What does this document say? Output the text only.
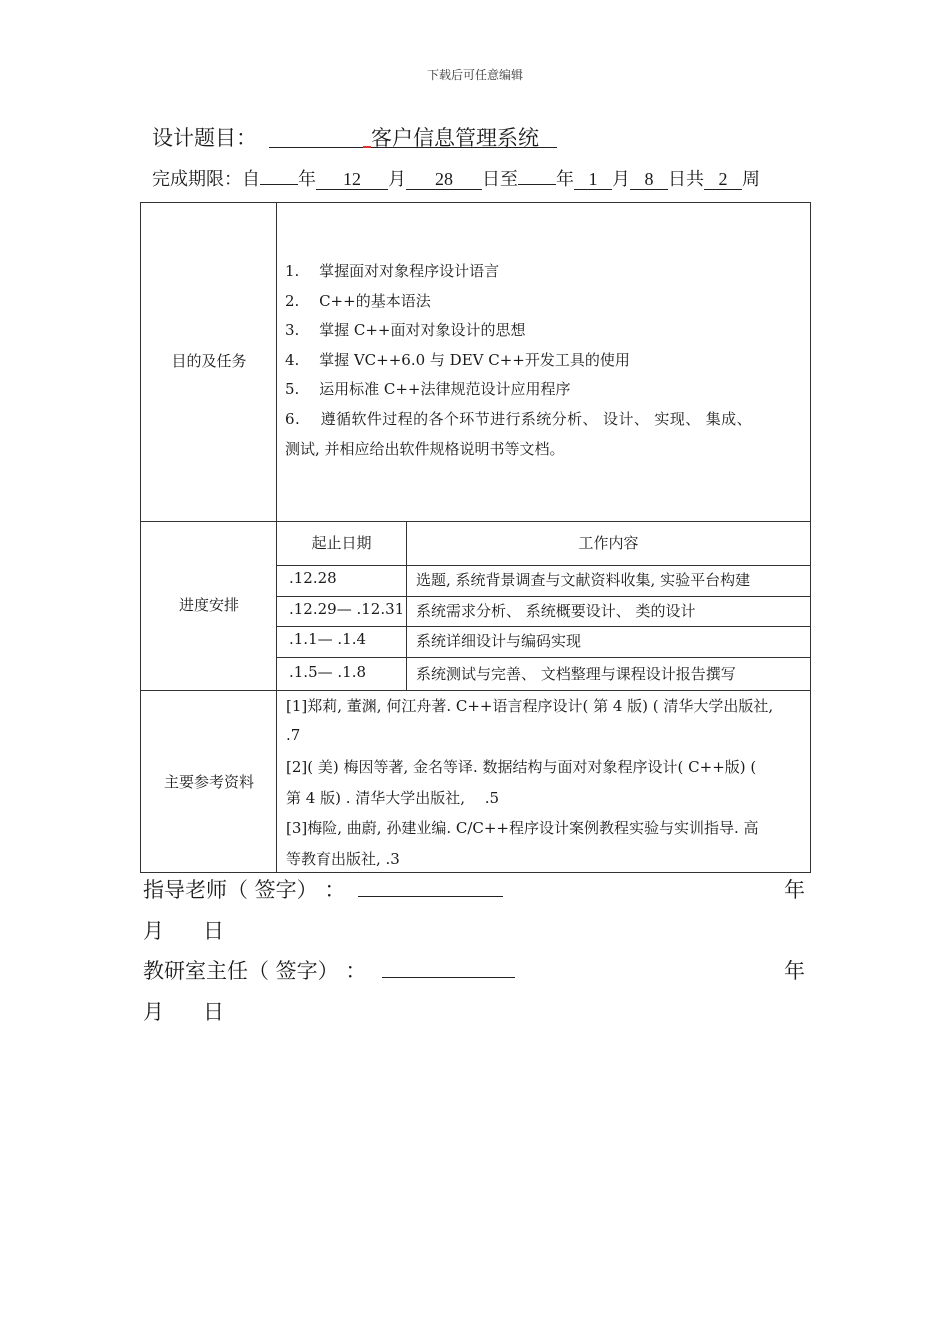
下载后可任意编辑
设计题目：	客户信息管理系统
完成期限：自 年 12 月 28 日至 年 1 月 8 日共 2 周
目的及任务
1.　 掌握面对对象程序设计语言
2.　 C++的基本语法
3.　 掌握 C++面对对象设计的思想
4.　 掌握 VC++6.0 与 DEV C++开发工具的使用
5.　 运用标准 C++法律规范设计应用程序
6.　 遵循软件过程的各个环节进行系统分析、 设计、 实现、 集成、
测试, 并相应给出软件规格说明书等文档。
进度安排
起止日期	工作内容
.12.28	选题, 系统背景调查与文献资料收集, 实验平台构建
.12.29— .12.31 系统需求分析、 系统概要设计、 类的设计
.1.1— .1.4	系统详细设计与编码实现
.1.5— .1.8	系统测试与完善、 文档整理与课程设计报告撰写
主要参考资料
[1]郑莉, 董渊, 何江舟著. C++语言程序设计( 第 4 版) ( 清华大学出版社,
.7
[2]( 美) 梅因等著, 金名等译. 数据结构与面对对象程序设计( C++版) (
第 4 版) . 清华大学出版社,　 .5
[3]梅险, 曲蔚, 孙建业编. C/C++程序设计案例教程实验与实训指导. 高
等教育出版社, .3
指导老师（ 签字） ：	年
月 日
教研室主任（ 签字） ：	年
月 日
